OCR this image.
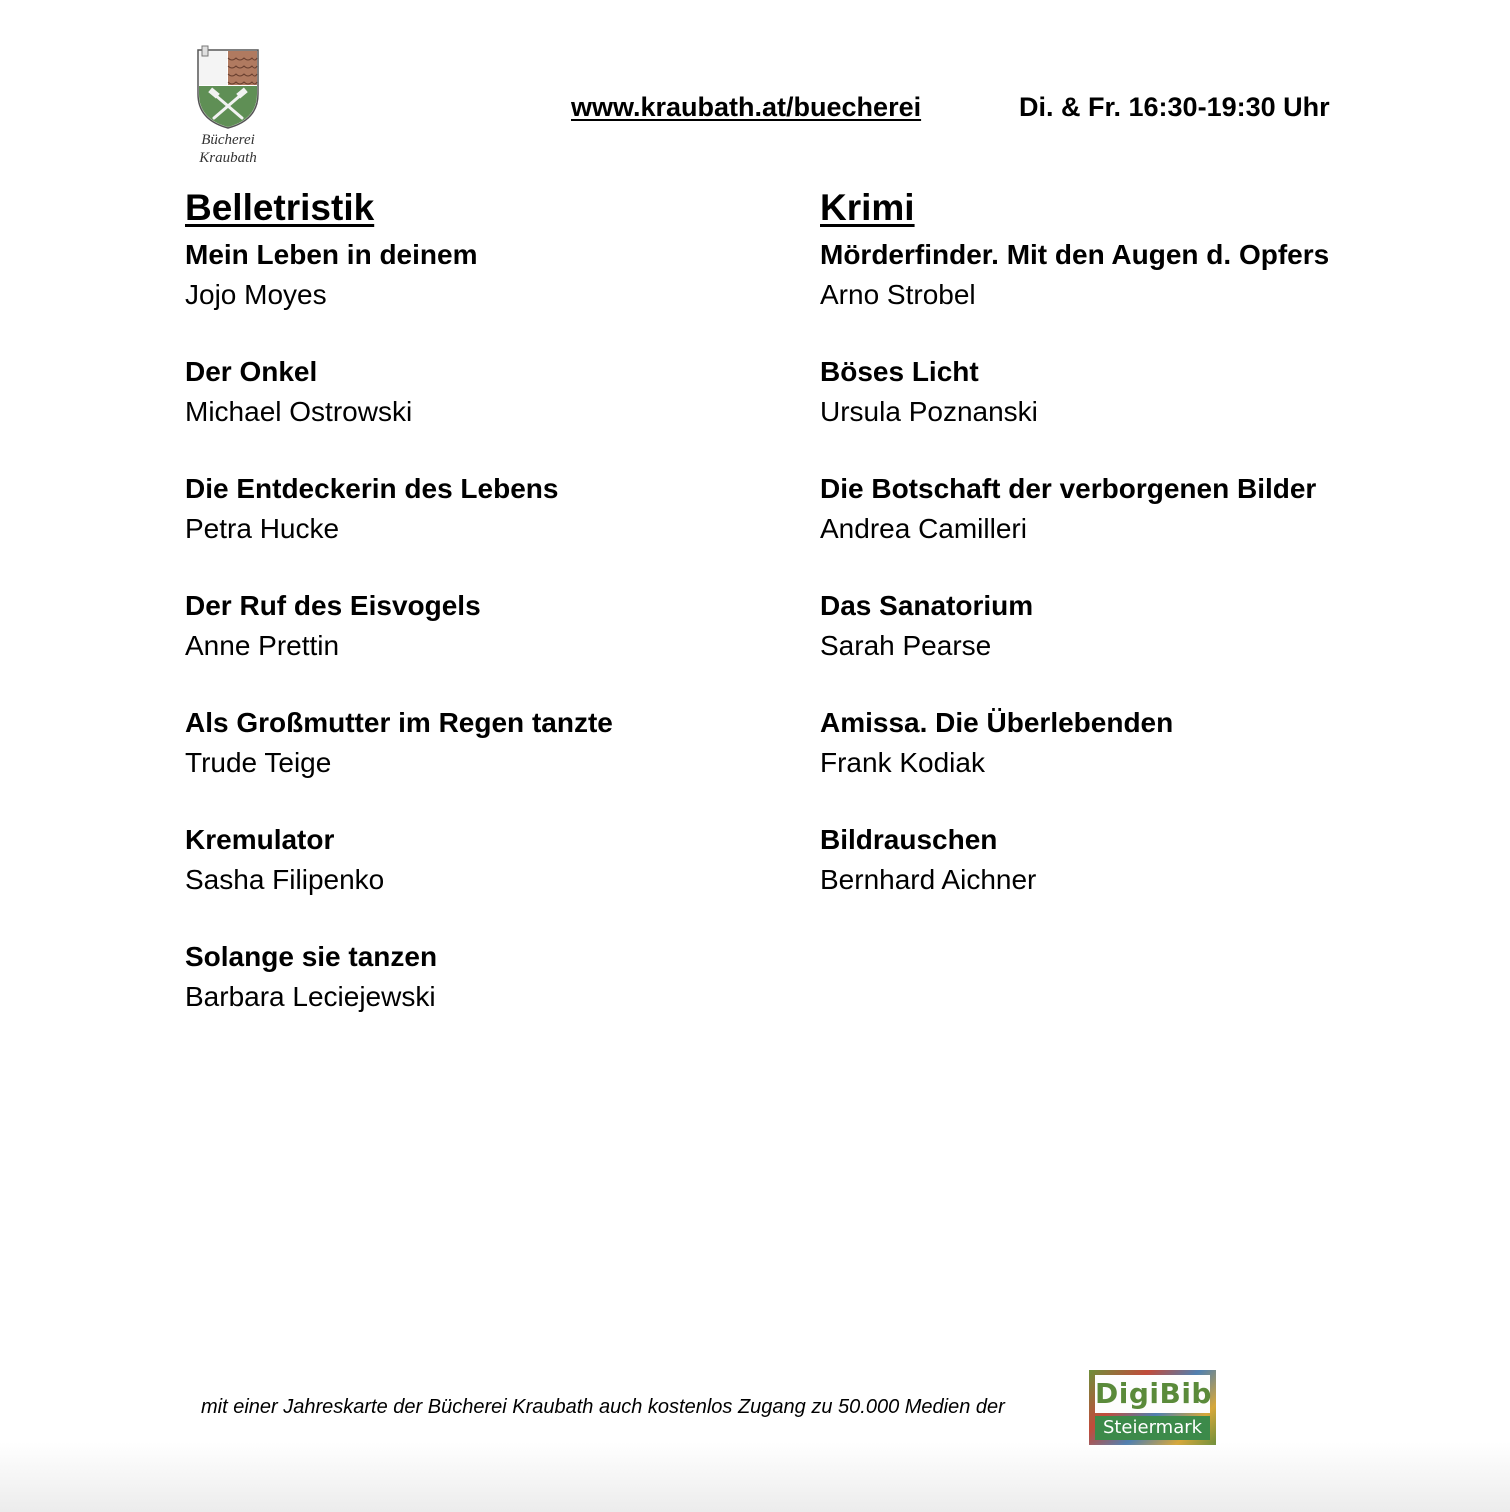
Bücherei
Kraubath
www.kraubath.at/buecherei	Di. & Fr. 16:30-19:30 Uhr
Belletristik
Mein Leben in deinem
Jojo Moyes
Der Onkel
Michael Ostrowski
Die Entdeckerin des Lebens
Petra Hucke
Der Ruf des Eisvogels
Anne Prettin
Als Großmutter im Regen tanzte
Trude Teige
Kremulator
Sasha Filipenko
Solange sie tanzen
Barbara Leciejewski
Krimi
Mörderfinder. Mit den Augen d. Opfers
Arno Strobel
Böses Licht
Ursula Poznanski
Die Botschaft der verborgenen Bilder
Andrea Camilleri
Das Sanatorium
Sarah Pearse
Amissa. Die Überlebenden
Frank Kodiak
Bildrauschen
Bernhard Aichner
mit einer Jahreskarte der Bücherei Kraubath auch kostenlos Zugang zu 50.000 Medien der	DigiBib
Steiermark
